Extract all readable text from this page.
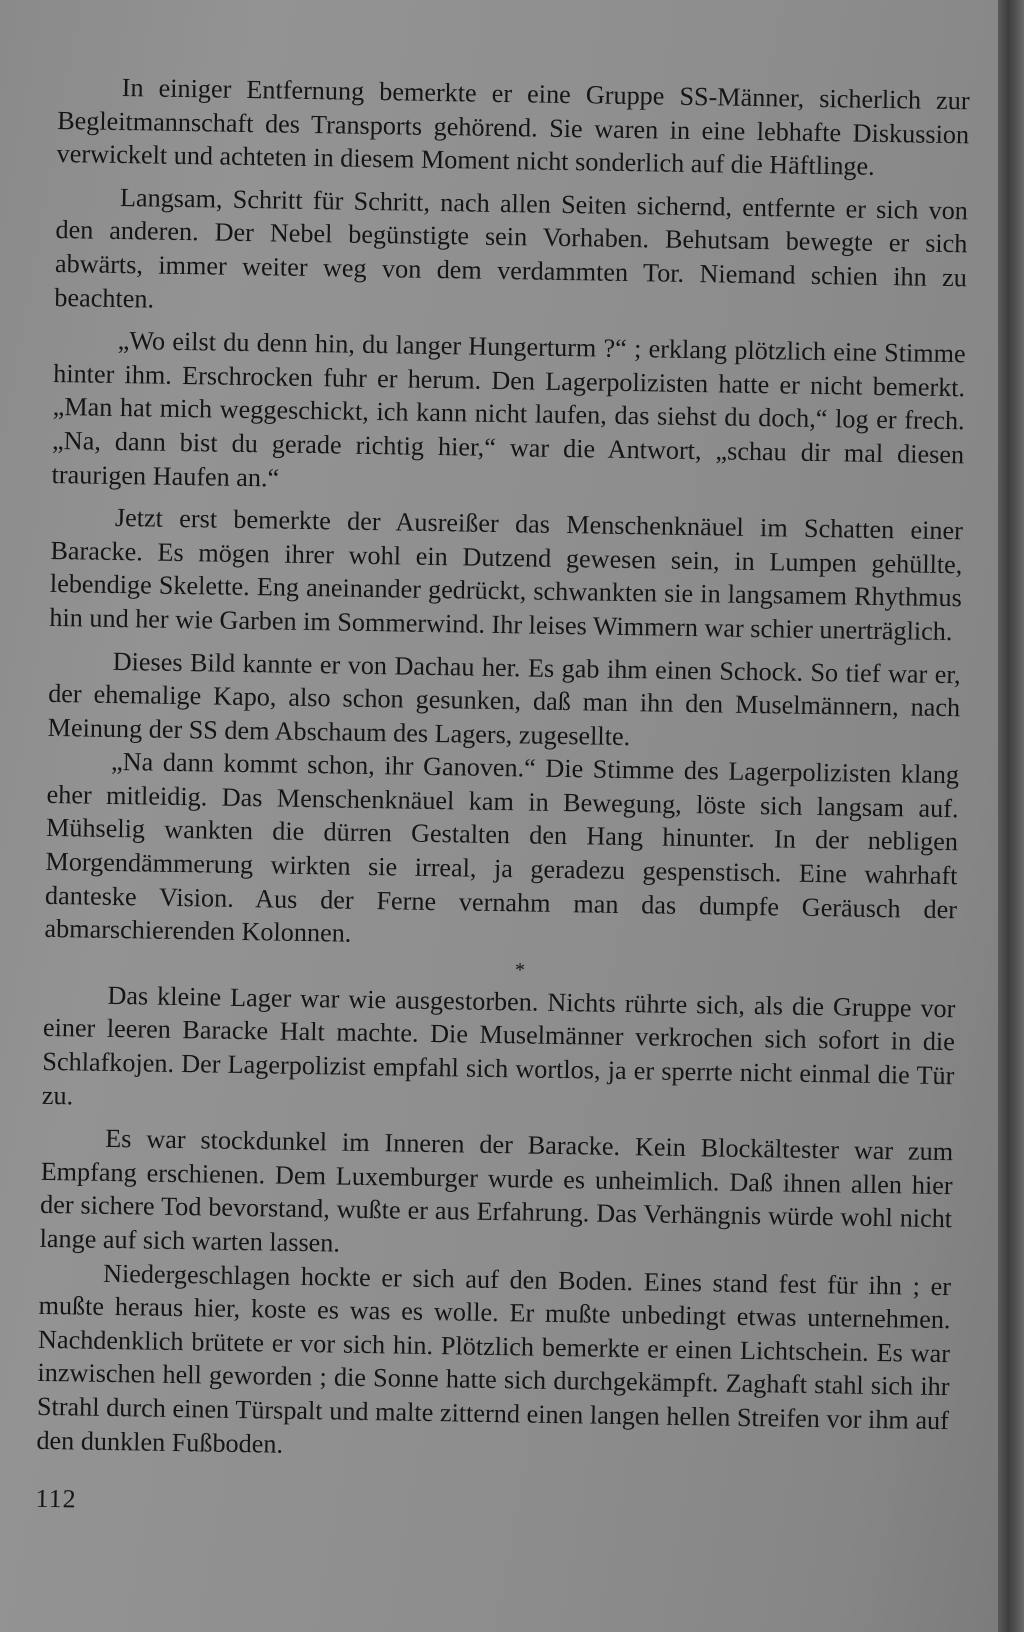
In einiger Entfernung bemerkte er eine Gruppe SS-Männer, sicherlich zur Begleitmannschaft des Transports gehörend. Sie waren in eine lebhafte Diskussion verwickelt und achteten in diesem Moment nicht sonderlich auf die Häftlinge.

Langsam, Schritt für Schritt, nach allen Seiten sichernd, entfernte er sich von den anderen. Der Nebel begünstigte sein Vorhaben. Behutsam bewegte er sich abwärts, immer weiter weg von dem verdammten Tor. Niemand schien ihn zu beachten.

„Wo eilst du denn hin, du langer Hungerturm ?“ ; erklang plötzlich eine Stimme hinter ihm. Erschrocken fuhr er herum. Den Lagerpolizisten hatte er nicht bemerkt. „Man hat mich weggeschickt, ich kann nicht laufen, das siehst du doch,“ log er frech. „Na, dann bist du gerade richtig hier,“ war die Antwort, „schau dir mal diesen traurigen Haufen an.“

Jetzt erst bemerkte der Ausreißer das Menschenknäuel im Schatten einer Baracke. Es mögen ihrer wohl ein Dutzend gewesen sein, in Lumpen gehüllte, lebendige Skelette. Eng aneinander gedrückt, schwankten sie in langsamem Rhythmus hin und her wie Garben im Sommerwind. Ihr leises Wimmern war schier unerträglich.

Dieses Bild kannte er von Dachau her. Es gab ihm einen Schock. So tief war er, der ehemalige Kapo, also schon gesunken, daß man ihn den Muselmännern, nach Meinung der SS dem Abschaum des Lagers, zugesellte.

„Na dann kommt schon, ihr Ganoven.“ Die Stimme des Lagerpolizisten klang eher mitleidig. Das Menschenknäuel kam in Bewegung, löste sich langsam auf. Mühselig wankten die dürren Gestalten den Hang hinunter. In der nebligen Morgendämmerung wirkten sie irreal, ja geradezu gespenstisch. Eine wahrhaft danteske Vision. Aus der Ferne vernahm man das dumpfe Geräusch der abmarschierenden Kolonnen.

*

Das kleine Lager war wie ausgestorben. Nichts rührte sich, als die Gruppe vor einer leeren Baracke Halt machte. Die Muselmänner verkrochen sich sofort in die Schlafkojen. Der Lagerpolizist empfahl sich wortlos, ja er sperrte nicht einmal die Tür zu.

Es war stockdunkel im Inneren der Baracke. Kein Blockältester war zum Empfang erschienen. Dem Luxemburger wurde es unheimlich. Daß ihnen allen hier der sichere Tod bevorstand, wußte er aus Erfahrung. Das Verhängnis würde wohl nicht lange auf sich warten lassen.

Niedergeschlagen hockte er sich auf den Boden. Eines stand fest für ihn ; er mußte heraus hier, koste es was es wolle. Er mußte unbedingt etwas unternehmen. Nachdenklich brütete er vor sich hin. Plötzlich bemerkte er einen Lichtschein. Es war inzwischen hell geworden ; die Sonne hatte sich durchgekämpft. Zaghaft stahl sich ihr Strahl durch einen Türspalt und malte zitternd einen langen hellen Streifen vor ihm auf den dunklen Fußboden.

112
